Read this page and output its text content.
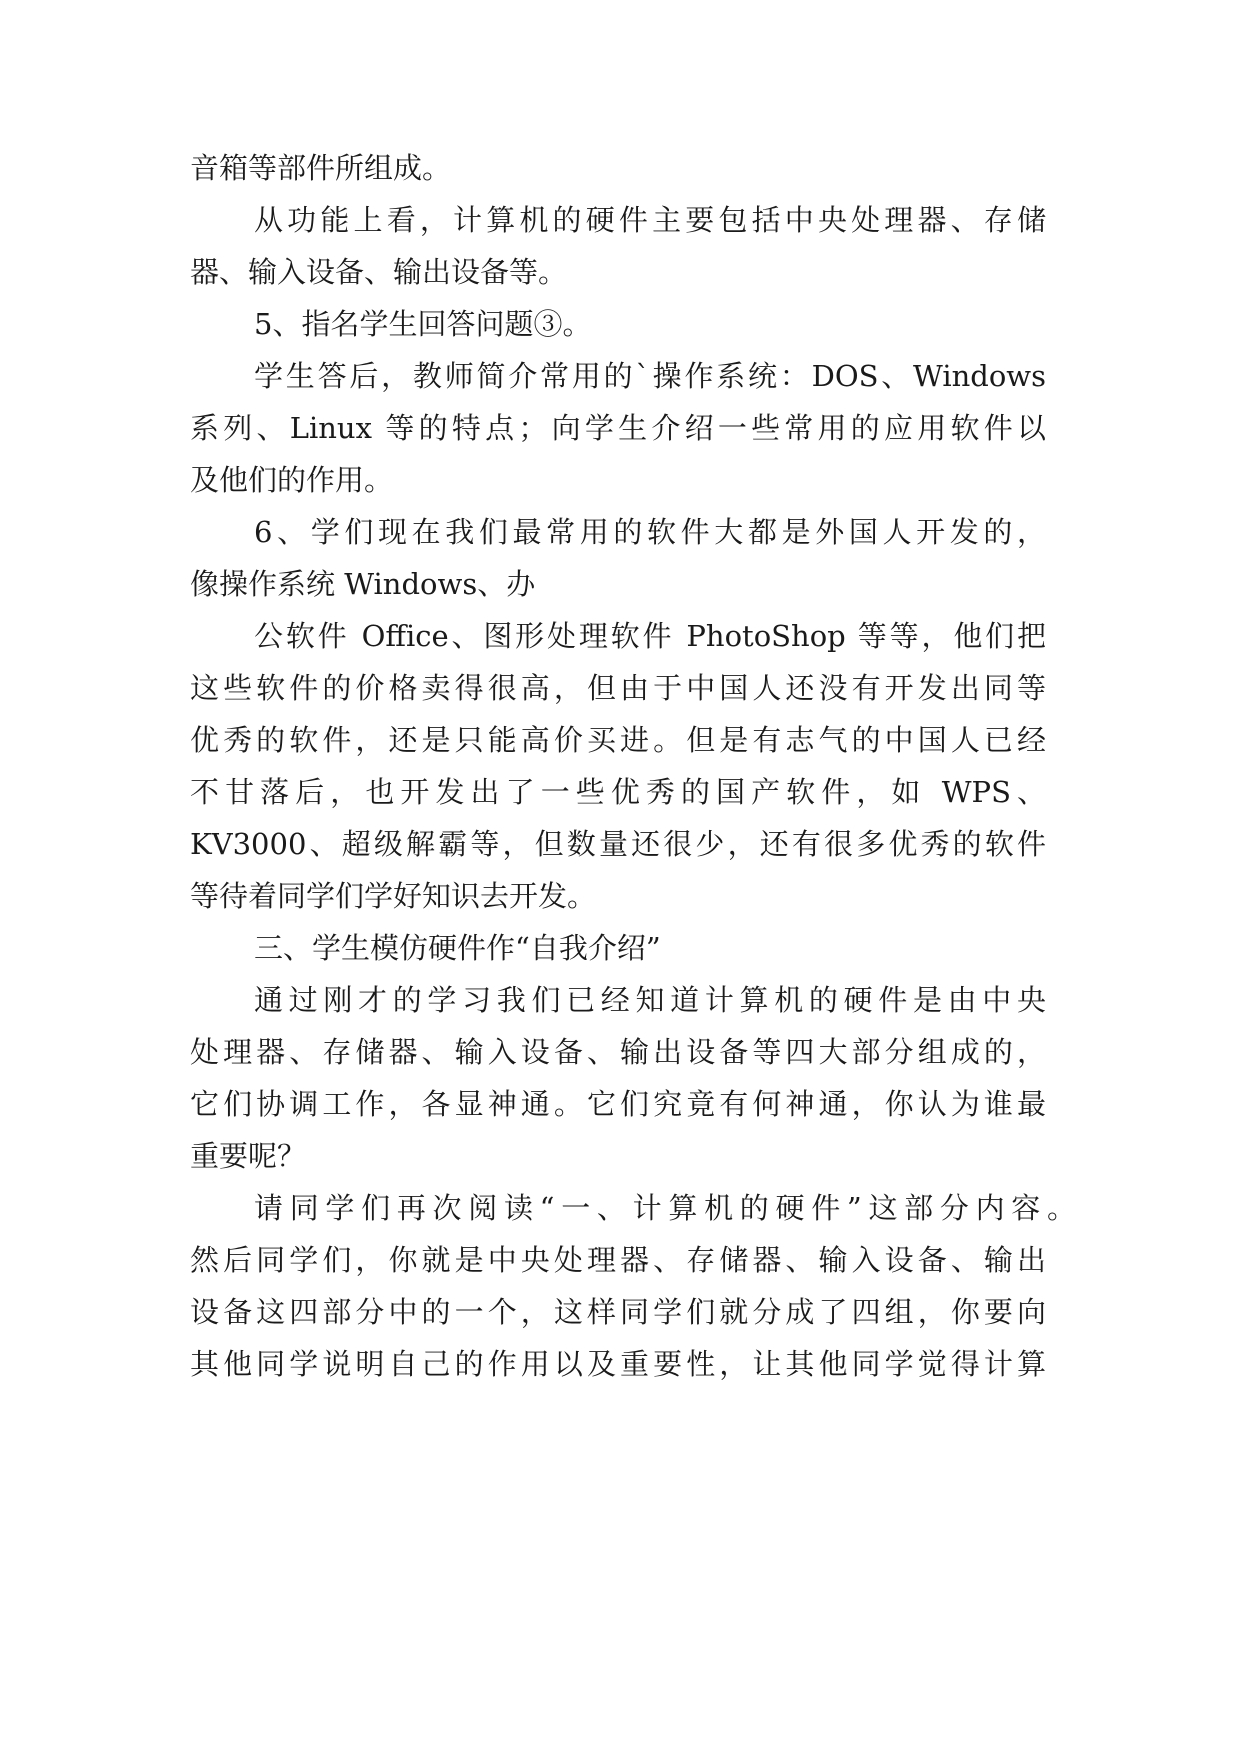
音箱等部件所组成。
从功能上看，计算机的硬件主要包括中央处理器、存储
器、输入设备、输出设备等。
5、指名学生回答问题③。
学生答后，教师简介常用的`操作系统：DOS、Windows
系列、Linux 等的特点；向学生介绍一些常用的应用软件以
及他们的作用。
6、学们现在我们最常用的软件大都是外国人开发的，
像操作系统 Windows、办
公软件 Office、图形处理软件 PhotoShop 等等，他们把
这些软件的价格卖得很高，但由于中国人还没有开发出同等
优秀的软件，还是只能高价买进。但是有志气的中国人已经
不甘落后，也开发出了一些优秀的国产软件，如 WPS、
KV3000、超级解霸等，但数量还很少，还有很多优秀的软件
等待着同学们学好知识去开发。
三、学生模仿硬件作“自我介绍”
通过刚才的学习我们已经知道计算机的硬件是由中央
处理器、存储器、输入设备、输出设备等四大部分组成的，
它们协调工作，各显神通。它们究竟有何神通，你认为谁最
重要呢？
请同学们再次阅读“一、计算机的硬件”这部分内容。
然后同学们，你就是中央处理器、存储器、输入设备、输出
设备这四部分中的一个，这样同学们就分成了四组，你要向
其他同学说明自己的作用以及重要性，让其他同学觉得计算
